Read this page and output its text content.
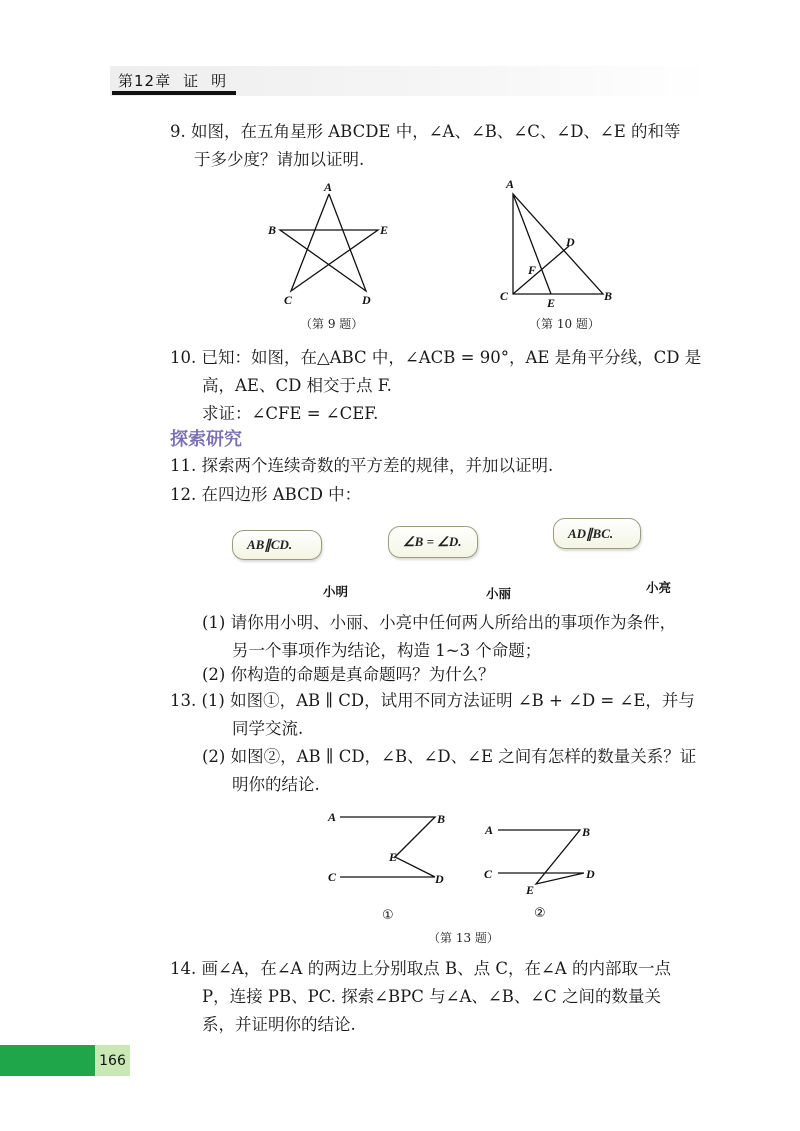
第12章 证 明
9. 如图，在五角星形 ABCDE 中，∠A、∠B、∠C、∠D、∠E 的和等
于多少度？请加以证明.
A
B	E
C	D
（第 9 题）
A
D
F
C	E	B
（第 10 题）
10. 已知：如图，在△ABC 中，∠ACB = 90°，AE 是角平分线，CD 是
高，AE、CD 相交于点 F.
求证：∠CFE = ∠CEF.
探索研究
11. 探索两个连续奇数的平方差的规律，并加以证明.
12. 在四边形 ABCD 中：
AB∥CD.
小明
∠B = ∠D.
小丽
AD∥BC.
小亮
(1) 请你用小明、小丽、小亮中任何两人所给出的事项作为条件，
另一个事项作为结论，构造 1~3 个命题；
(2) 你构造的命题是真命题吗？为什么？
13. (1) 如图①，AB ∥ CD，试用不同方法证明 ∠B + ∠D = ∠E，并与
同学交流.
(2) 如图②，AB ∥ CD，∠B、∠D、∠E 之间有怎样的数量关系？证
明你的结论.
A	B
E
C	D
①
A	B
C	D
E
②
（第 13 题）
14. 画∠A，在∠A 的两边上分别取点 B、点 C，在∠A 的内部取一点
P，连接 PB、PC. 探索∠BPC 与∠A、∠B、∠C 之间的数量关
系，并证明你的结论.
166
